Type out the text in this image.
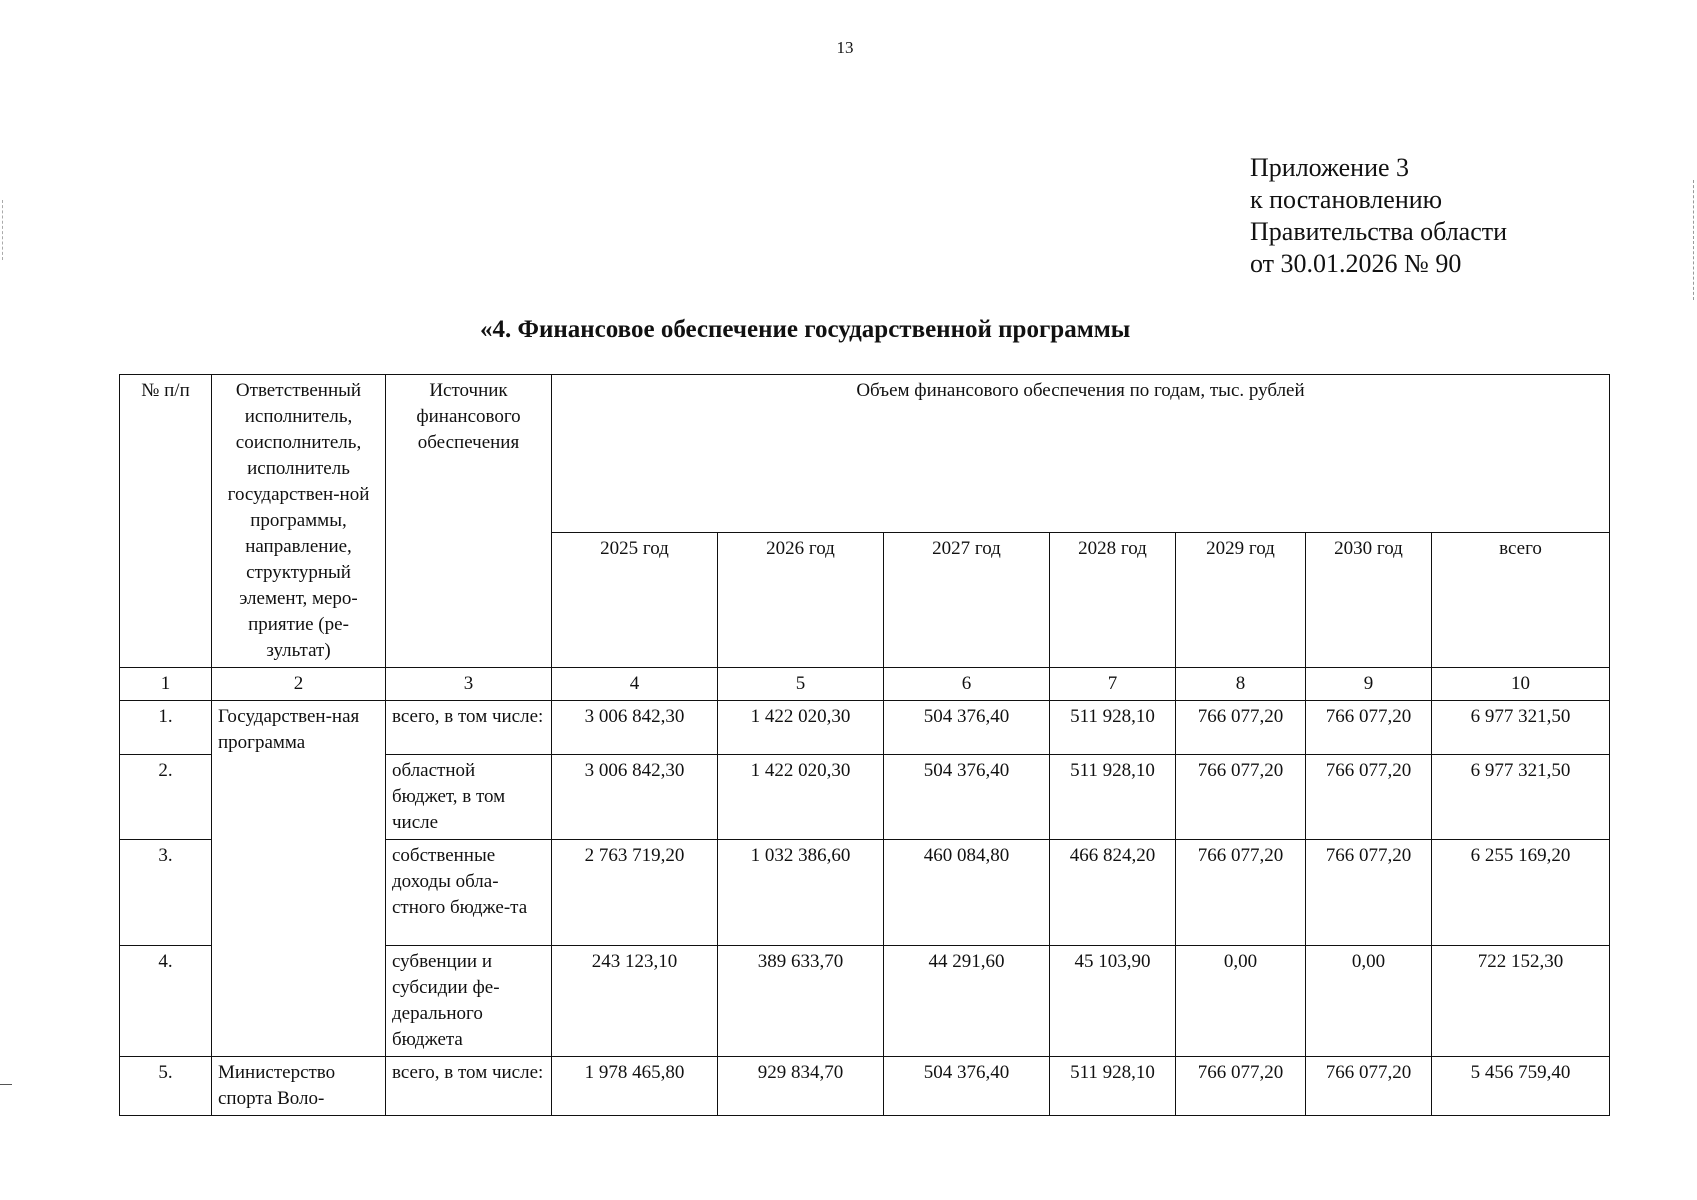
13
Приложение 3
к постановлению
Правительства области
от 30.01.2026 № 90
«4. Финансовое обеспечение государственной программы
№ п/п	Ответственный исполнитель, соисполнитель, исполнитель государствен-ной программы, направление, структурный элемент, меро-приятие (ре-зультат)	Источник финансового обеспечения	Объем финансового обеспечения по годам, тыс. рублей						
			2025 год	2026 год	2027 год	2028 год	2029 год	2030 год	всего
1	2	3	4	5	6	7	8	9	10
1.	Государствен-ная программа	всего, в том числе:	3 006 842,30	1 422 020,30	504 376,40	511 928,10	766 077,20	766 077,20	6 977 321,50
2.		областной бюджет, в том числе	3 006 842,30	1 422 020,30	504 376,40	511 928,10	766 077,20	766 077,20	6 977 321,50
3.		собственные доходы обла-стного бюдже-та	2 763 719,20	1 032 386,60	460 084,80	466 824,20	766 077,20	766 077,20	6 255 169,20
4.		субвенции и субсидии фе-дерального бюджета	243 123,10	389 633,70	44 291,60	45 103,90	0,00	0,00	722 152,30
5.	Министерство спорта Воло-	всего, в том числе:	1 978 465,80	929 834,70	504 376,40	511 928,10	766 077,20	766 077,20	5 456 759,40
